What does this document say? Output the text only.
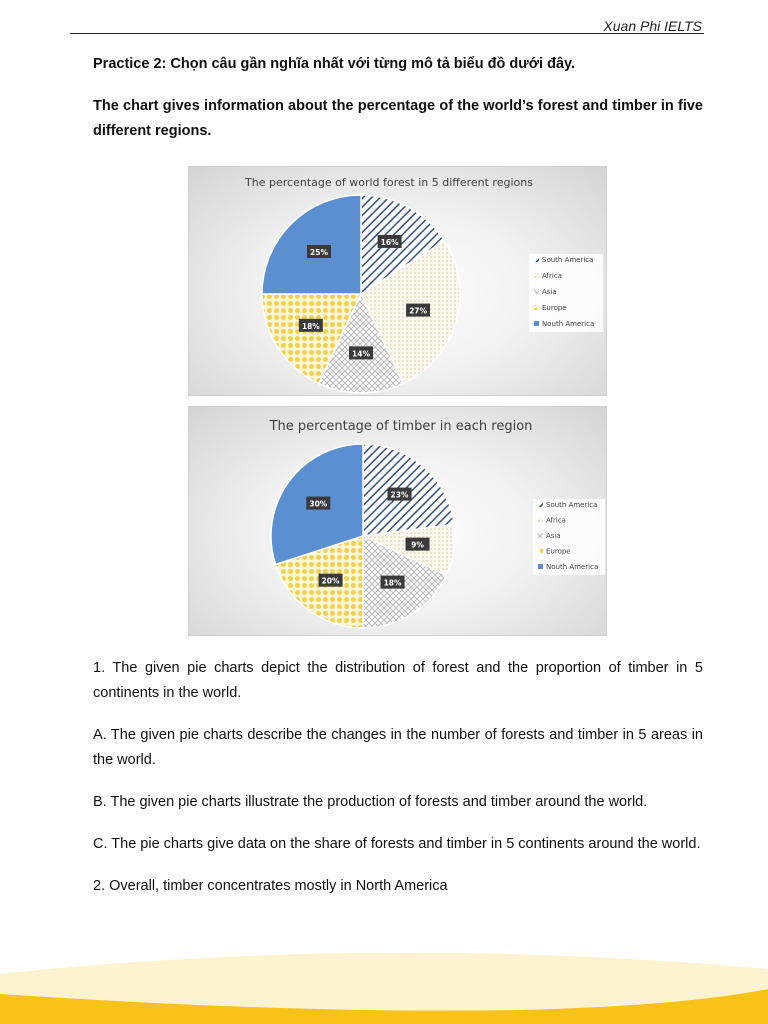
Xuan Phi IELTS
Practice 2: Chọn câu gần nghĩa nhất với từng mô tả biểu đồ dưới đây.
The chart gives information about the percentage of the world’s forest and timber in five different regions.
The percentage of world forest in 5 different regions
16%
27%
14%
18%
25%
South America
Africa
Asia
Europe
Nouth America
The percentage of timber in each region
23%
9%
18%
20%
30%	South America
Africa
Asia
Europe
Nouth America

1. The given pie charts depict the distribution of forest and the proportion of timber in 5 continents in the world.

A. The given pie charts describe the changes in the number of forests and timber in 5 areas in the world.

B. The given pie charts illustrate the production of forests and timber around the world.

C. The pie charts give data on the share of forests and timber in 5 continents around the world.

2. Overall, timber concentrates mostly in North America
